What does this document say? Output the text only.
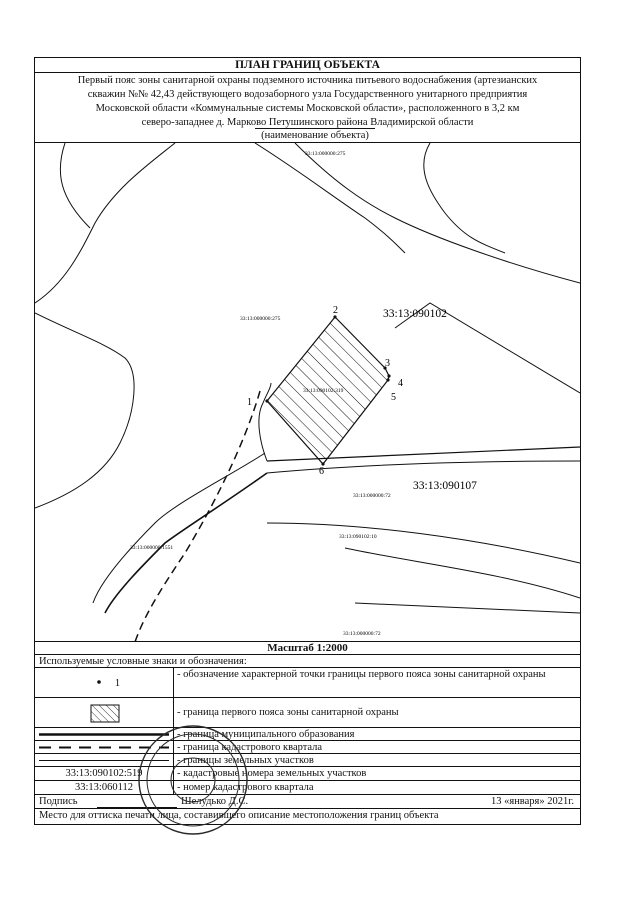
ПЛАН ГРАНИЦ ОБЪЕКТА
Первый пояс зоны санитарной охраны подземного источника питьевого водоснабжения (артезианских
скважин №№ 42,43 действующего водозаборного узла Государственного унитарного предприятия
Московской области «Коммунальные системы Московской области», расположенного в 3,2 км
северо-западнее д. Марково Петушинского района Владимирской области
(наименование объекта)
1
2
3
4
5
6
33:13:000000:275
33:13:000000:275
33:13:090102:319
33:13:000000:72
33:13:090102:10
33:13:000000:1551
33:13:000000:72
33:13:090102
33:13:090107
Масштаб 1:2000
Используемые условные знаки и обозначения:
1
- обозначение характерной точки границы первого пояса зоны санитарной охраны
- граница первого пояса зоны санитарной охраны
- граница муниципального образования
- граница кадастрового квартала
- границы земельных участков
33:13:090102:519	- кадастровые номера земельных участков
33:13:060112	- номер кадастрового квартала
Подпись	Шелудько Д.С.	13 «января» 2021г.
Место для оттиска печати лица, составившего описание местоположения границ объекта
